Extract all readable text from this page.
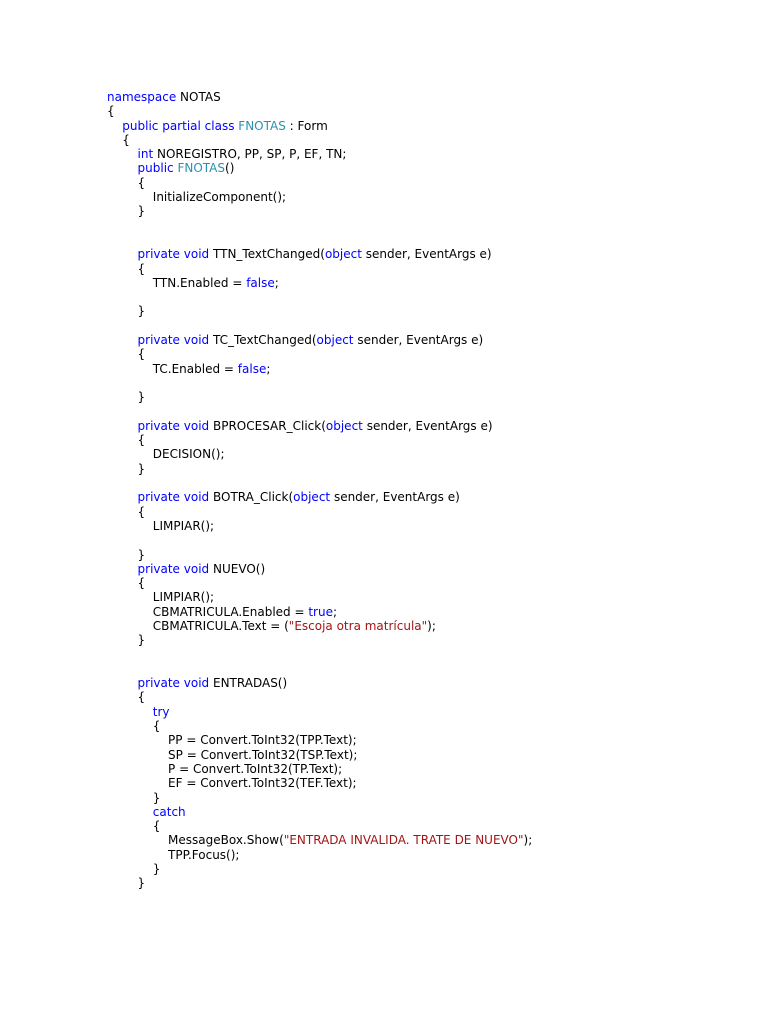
namespace NOTAS
{
public partial class FNOTAS : Form
{
int NOREGISTRO, PP, SP, P, EF, TN;
public FNOTAS()
{
InitializeComponent();
}

private void TTN_TextChanged(object sender, EventArgs e)
{
TTN.Enabled = false;

}

private void TC_TextChanged(object sender, EventArgs e)
{
TC.Enabled = false;

}

private void BPROCESAR_Click(object sender, EventArgs e)
{
DECISION();
}

private void BOTRA_Click(object sender, EventArgs e)
{
LIMPIAR();

}
private void NUEVO()
{
LIMPIAR();
CBMATRICULA.Enabled = true;
CBMATRICULA.Text = ("Escoja otra matrícula");
}

private void ENTRADAS()
{
try
{
PP = Convert.ToInt32(TPP.Text);
SP = Convert.ToInt32(TSP.Text);
P = Convert.ToInt32(TP.Text);
EF = Convert.ToInt32(TEF.Text);
}
catch
{
MessageBox.Show("ENTRADA INVALIDA. TRATE DE NUEVO");
TPP.Focus();
}
}
